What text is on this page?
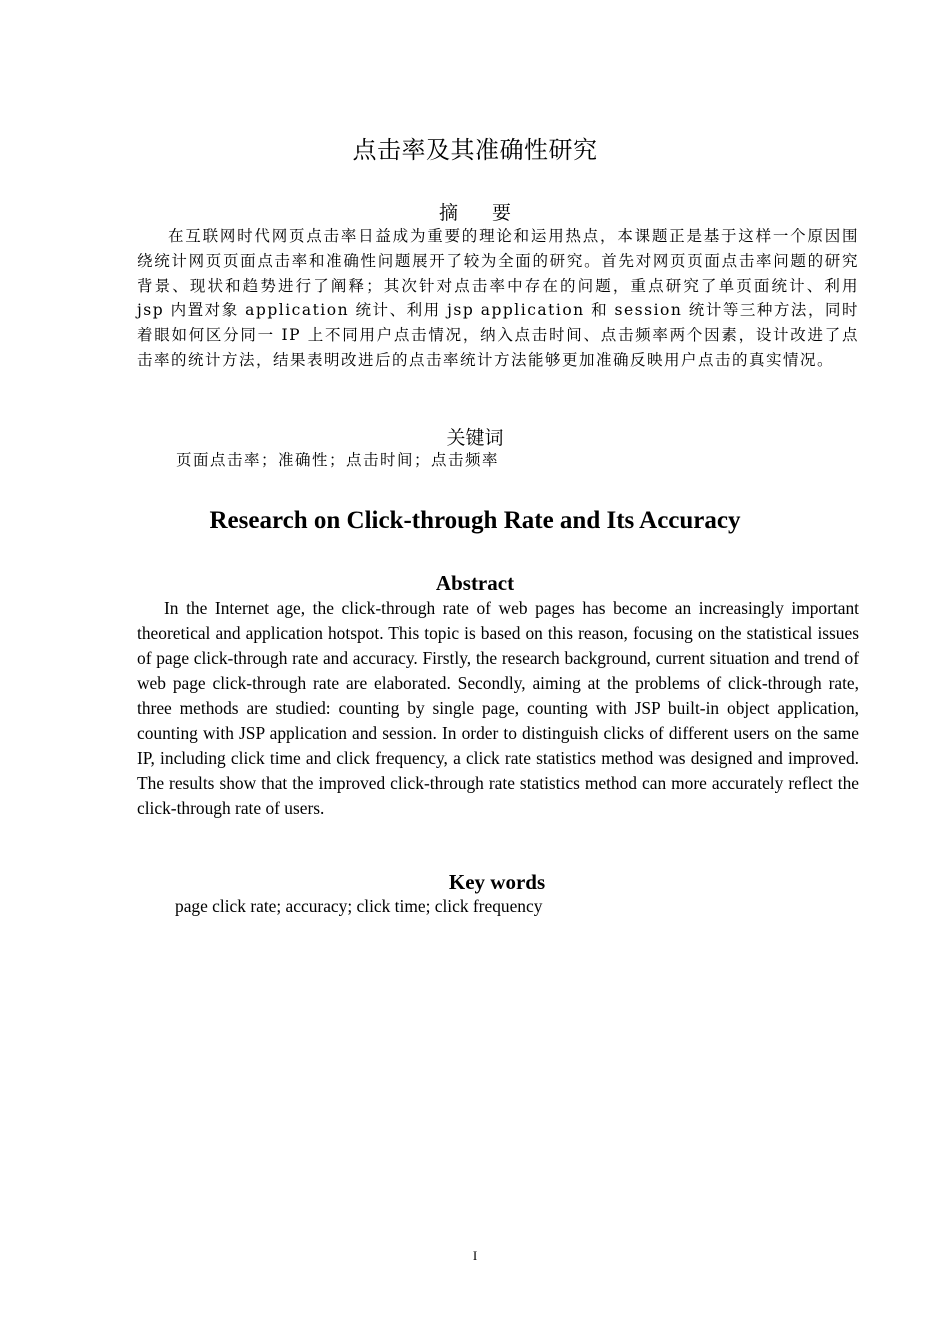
点击率及其准确性研究
摘 要
在互联网时代网页点击率日益成为重要的理论和运用热点，本课题正是基于这样一个原因围绕统计网页页面点击率和准确性问题展开了较为全面的研究。首先对网页页面点击率问题的研究背景、现状和趋势进行了阐释；其次针对点击率中存在的问题，重点研究了单页面统计、利用 jsp 内置对象 application 统计、利用 jsp application 和 session 统计等三种方法，同时着眼如何区分同一 IP 上不同用户点击情况，纳入点击时间、点击频率两个因素，设计改进了点击率的统计方法，结果表明改进后的点击率统计方法能够更加准确反映用户点击的真实情况。
关键词
页面点击率；准确性；点击时间；点击频率
Research on Click-through Rate and Its Accuracy
Abstract
In the Internet age, the click-through rate of web pages has become an increasingly important theoretical and application hotspot. This topic is based on this reason, focusing on the statistical issues of page click-through rate and accuracy. Firstly, the research background, current situation and trend of web page click-through rate are elaborated. Secondly, aiming at the problems of click-through rate, three methods are studied: counting by single page, counting with JSP built-in object application, counting with JSP application and session. In order to distinguish clicks of different users on the same IP, including click time and click frequency, a click rate statistics method was designed and improved. The results show that the improved click-through rate statistics method can more accurately reflect the click-through rate of users.
Key words
page click rate; accuracy; click time; click frequency
I
